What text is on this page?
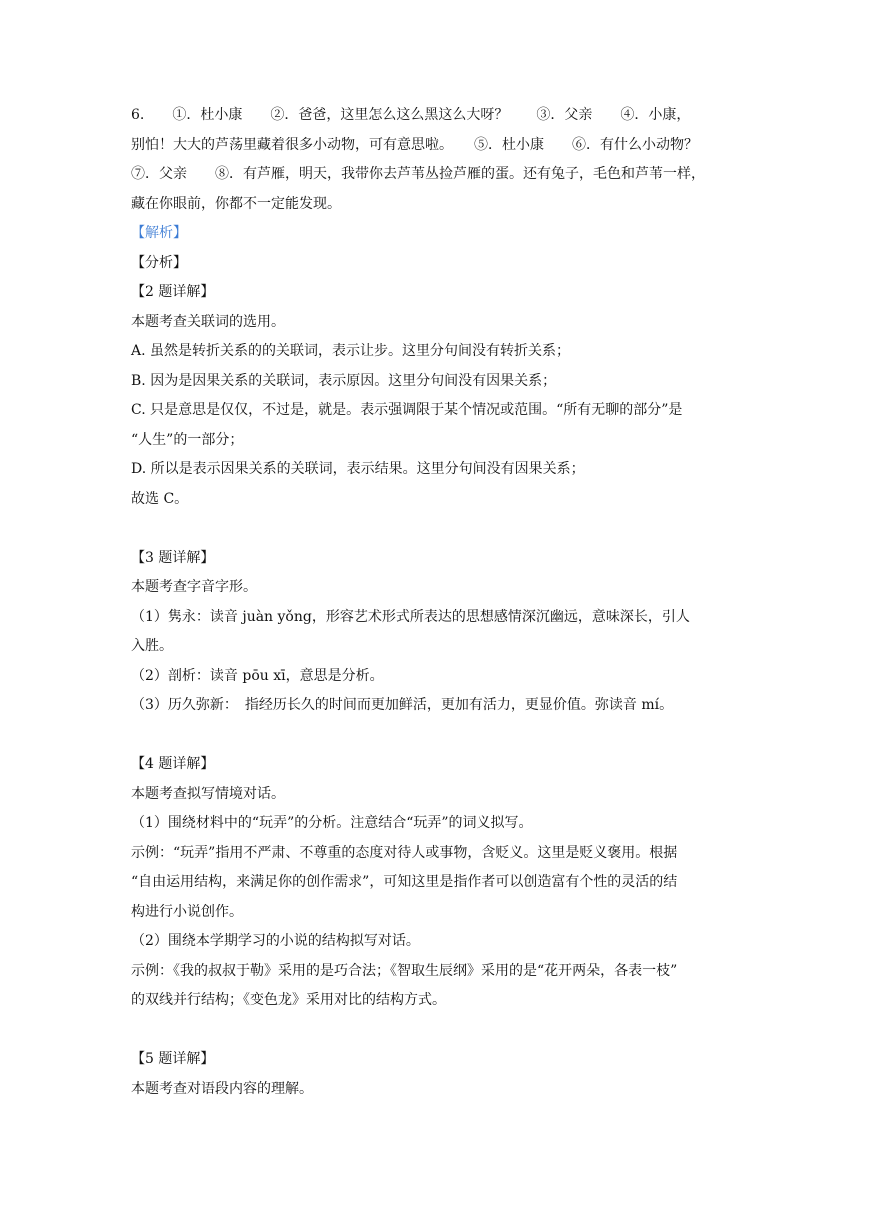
6.　　①．杜小康　　②．爸爸，这里怎么这么黑这么大呀？　　③．父亲　　④．小康，
别怕！大大的芦荡里藏着很多小动物，可有意思啦。　　⑤．杜小康　　⑥．有什么小动物？
⑦．父亲　　⑧．有芦雁，明天，我带你去芦苇丛捡芦雁的蛋。还有兔子，毛色和芦苇一样，
藏在你眼前，你都不一定能发现。
【解析】
【分析】
【2 题详解】
本题考查关联词的选用。
A. 虽然是转折关系的的关联词，表示让步。这里分句间没有转折关系；
B. 因为是因果关系的关联词，表示原因。这里分句间没有因果关系；
C. 只是意思是仅仅，不过是，就是。表示强调限于某个情况或范围。“所有无聊的部分”是
“人生”的一部分；
D. 所以是表示因果关系的关联词，表示结果。这里分句间没有因果关系；
故选 C。
【3 题详解】
本题考查字音字形。
（1）隽永：读音 juàn yǒng，形容艺术形式所表达的思想感情深沉幽远，意味深长，引人
入胜。
（2）剖析：读音 pōu xī，意思是分析。
（3）历久弥新：　指经历长久的时间而更加鲜活，更加有活力，更显价值。弥读音 mí。
【4 题详解】
本题考查拟写情境对话。
（1）围绕材料中的“玩弄”的分析。注意结合“玩弄”的词义拟写。
示例：“玩弄”指用不严肃、不尊重的态度对待人或事物，含贬义。这里是贬义褒用。根据
“自由运用结构，来满足你的创作需求”，可知这里是指作者可以创造富有个性的灵活的结
构进行小说创作。
（2）围绕本学期学习的小说的结构拟写对话。
示例：《我的叔叔于勒》采用的是巧合法；《智取生辰纲》采用的是“花开两朵，各表一枝”
的双线并行结构；《变色龙》采用对比的结构方式。
【5 题详解】
本题考查对语段内容的理解。
